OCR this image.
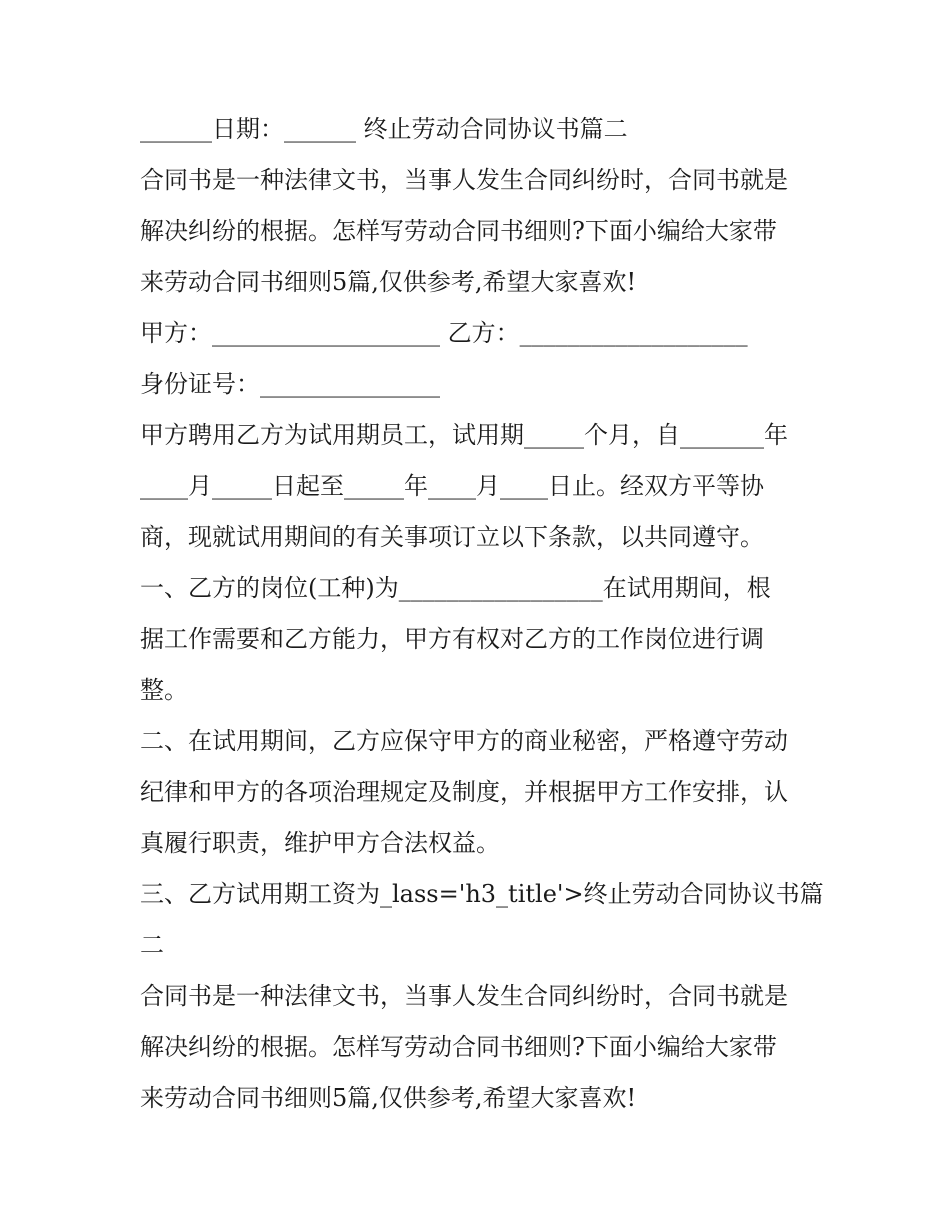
______日期：______ 终止劳动合同协议书篇二
合同书是一种法律文书，当事人发生合同纠纷时，合同书就是
解决纠纷的根据。怎样写劳动合同书细则?下面小编给大家带
来劳动合同书细则5篇,仅供参考,希望大家喜欢!
甲方：___________________ 乙方：___________________
身份证号：_______________
甲方聘用乙方为试用期员工，试用期_____个月，自_______年
____月_____日起至_____年____月____日止。经双方平等协
商，现就试用期间的有关事项订立以下条款，以共同遵守。
一、乙方的岗位(工种)为_________________在试用期间，根
据工作需要和乙方能力，甲方有权对乙方的工作岗位进行调
整。
二、在试用期间，乙方应保守甲方的商业秘密，严格遵守劳动
纪律和甲方的各项治理规定及制度，并根据甲方工作安排，认
真履行职责，维护甲方合法权益。
三、乙方试用期工资为_lass='h3_title'>终止劳动合同协议书篇
二
合同书是一种法律文书，当事人发生合同纠纷时，合同书就是
解决纠纷的根据。怎样写劳动合同书细则?下面小编给大家带
来劳动合同书细则5篇,仅供参考,希望大家喜欢!
